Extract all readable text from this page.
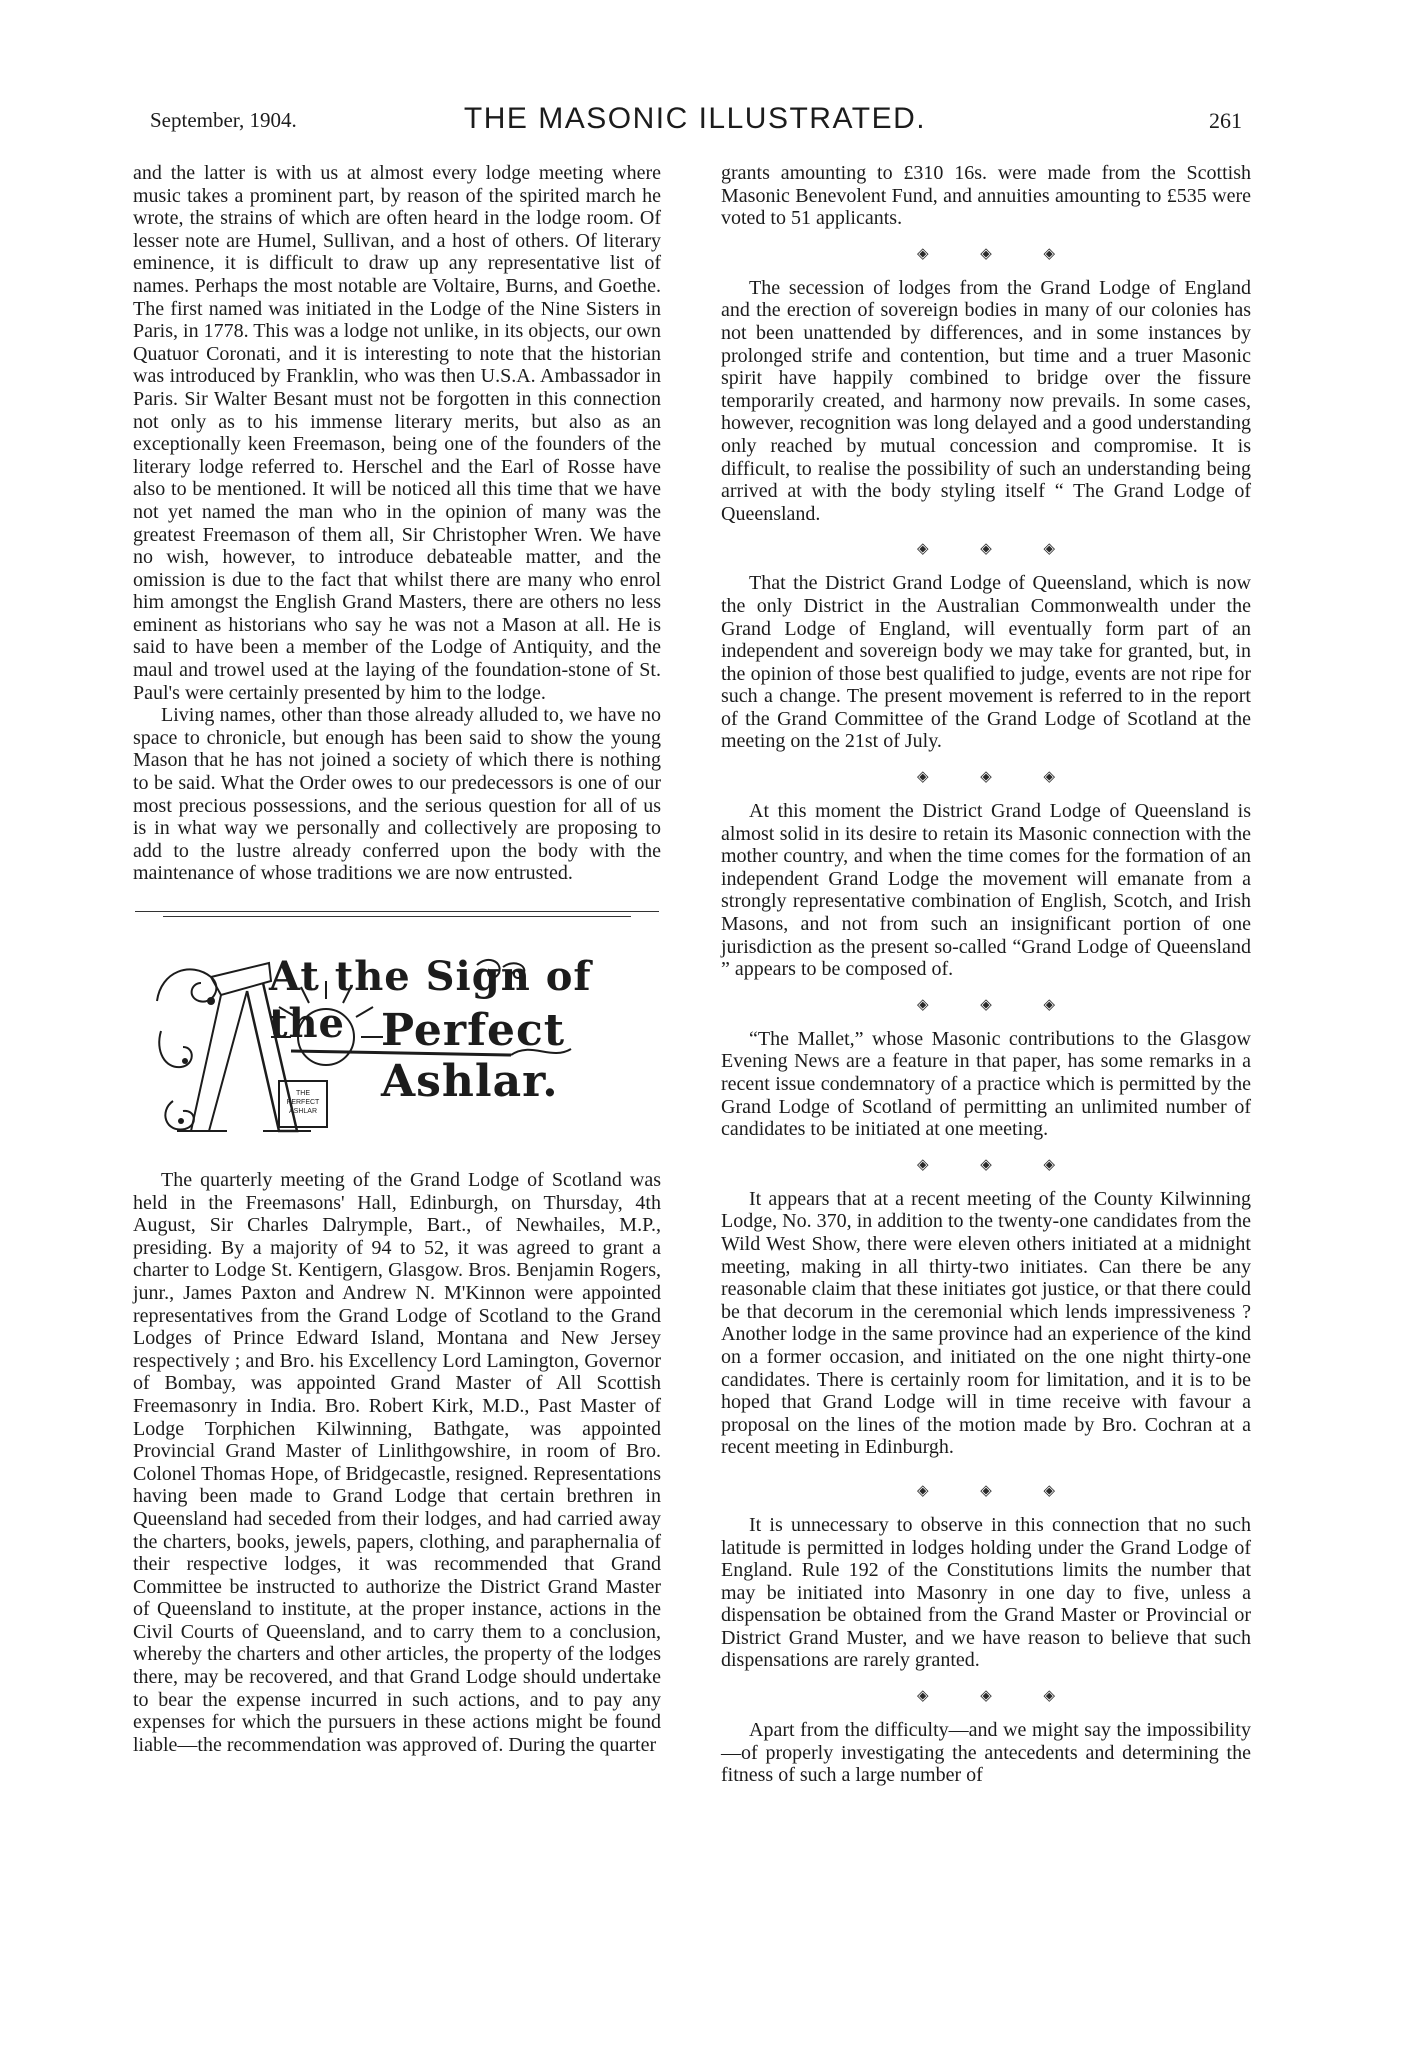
September, 1904.	THE MASONIC ILLUSTRATED.	261

and the latter is with us at almost every lodge meeting where music takes a prominent part, by reason of the spirited march he wrote, the strains of which are often heard in the lodge room. Of lesser note are Humel, Sullivan, and a host of others. Of literary eminence, it is difficult to draw up any representative list of names. Perhaps the most notable are Voltaire, Burns, and Goethe. The first named was initiated in the Lodge of the Nine Sisters in Paris, in 1778. This was a lodge not unlike, in its objects, our own Quatuor Coronati, and it is interesting to note that the historian was introduced by Franklin, who was then U.S.A. Ambassador in Paris. Sir Walter Besant must not be forgotten in this connection not only as to his immense literary merits, but also as an exceptionally keen Freemason, being one of the founders of the literary lodge referred to. Herschel and the Earl of Rosse have also to be mentioned. It will be noticed all this time that we have not yet named the man who in the opinion of many was the greatest Freemason of them all, Sir Christopher Wren. We have no wish, however, to introduce debateable matter, and the omission is due to the fact that whilst there are many who enrol him amongst the English Grand Masters, there are others no less eminent as historians who say he was not a Mason at all. He is said to have been a member of the Lodge of Antiquity, and the maul and trowel used at the laying of the foundation-stone of St. Paul's were certainly presented by him to the lodge.

Living names, other than those already alluded to, we have no space to chronicle, but enough has been said to show the young Mason that he has not joined a society of which there is nothing to be said. What the Order owes to our predecessors is one of our most precious possessions, and the serious question for all of us is in what way we personally and collectively are proposing to add to the lustre already conferred upon the body with the maintenance of whose traditions we are now entrusted.

At the Sign of the Perfect Ashlar.
THE PERFECT ASHLAR

The quarterly meeting of the Grand Lodge of Scotland was held in the Freemasons' Hall, Edinburgh, on Thursday, 4th August, Sir Charles Dalrymple, Bart., of Newhailes, M.P., presiding. By a majority of 94 to 52, it was agreed to grant a charter to Lodge St. Kentigern, Glasgow. Bros. Benjamin Rogers, junr., James Paxton and Andrew N. M'Kinnon were appointed representatives from the Grand Lodge of Scotland to the Grand Lodges of Prince Edward Island, Montana and New Jersey respectively ; and Bro. his Excellency Lord Lamington, Governor of Bombay, was appointed Grand Master of All Scottish Freemasonry in India. Bro. Robert Kirk, M.D., Past Master of Lodge Torphichen Kilwinning, Bathgate, was appointed Provincial Grand Master of Linlithgowshire, in room of Bro. Colonel Thomas Hope, of Bridgecastle, resigned. Representations having been made to Grand Lodge that certain brethren in Queensland had seceded from their lodges, and had carried away the charters, books, jewels, papers, clothing, and paraphernalia of their respective lodges, it was recommended that Grand Committee be instructed to authorize the District Grand Master of Queensland to institute, at the proper instance, actions in the Civil Courts of Queensland, and to carry them to a conclusion, whereby the charters and other articles, the property of the lodges there, may be recovered, and that Grand Lodge should undertake to bear the expense incurred in such actions, and to pay any expenses for which the pursuers in these actions might be found liable—the recommendation was approved of. During the quarter

grants amounting to £310 16s. were made from the Scottish Masonic Benevolent Fund, and annuities amounting to £535 were voted to 51 applicants.

◈ ◈ ◈

The secession of lodges from the Grand Lodge of England and the erection of sovereign bodies in many of our colonies has not been unattended by differences, and in some instances by prolonged strife and contention, but time and a truer Masonic spirit have happily combined to bridge over the fissure temporarily created, and harmony now prevails. In some cases, however, recognition was long delayed and a good understanding only reached by mutual concession and compromise. It is difficult, to realise the possibility of such an understanding being arrived at with the body styling itself “ The Grand Lodge of Queensland.

◈ ◈ ◈

That the District Grand Lodge of Queensland, which is now the only District in the Australian Commonwealth under the Grand Lodge of England, will eventually form part of an independent and sovereign body we may take for granted, but, in the opinion of those best qualified to judge, events are not ripe for such a change. The present movement is referred to in the report of the Grand Committee of the Grand Lodge of Scotland at the meeting on the 21st of July.

◈ ◈ ◈

At this moment the District Grand Lodge of Queensland is almost solid in its desire to retain its Masonic connection with the mother country, and when the time comes for the formation of an independent Grand Lodge the movement will emanate from a strongly representative combination of English, Scotch, and Irish Masons, and not from such an insignificant portion of one jurisdiction as the present so-called “Grand Lodge of Queensland ” appears to be composed of.

◈ ◈ ◈

“The Mallet,” whose Masonic contributions to the Glasgow Evening News are a feature in that paper, has some remarks in a recent issue condemnatory of a practice which is permitted by the Grand Lodge of Scotland of permitting an unlimited number of candidates to be initiated at one meeting.

◈ ◈ ◈

It appears that at a recent meeting of the County Kilwinning Lodge, No. 370, in addition to the twenty-one candidates from the Wild West Show, there were eleven others initiated at a midnight meeting, making in all thirty-two initiates. Can there be any reasonable claim that these initiates got justice, or that there could be that decorum in the ceremonial which lends impressiveness ? Another lodge in the same province had an experience of the kind on a former occasion, and initiated on the one night thirty-one candidates. There is certainly room for limitation, and it is to be hoped that Grand Lodge will in time receive with favour a proposal on the lines of the motion made by Bro. Cochran at a recent meeting in Edinburgh.

◈ ◈ ◈

It is unnecessary to observe in this connection that no such latitude is permitted in lodges holding under the Grand Lodge of England. Rule 192 of the Constitutions limits the number that may be initiated into Masonry in one day to five, unless a dispensation be obtained from the Grand Master or Provincial or District Grand Muster, and we have reason to believe that such dispensations are rarely granted.

◈ ◈ ◈

Apart from the difficulty—and we might say the impossibility—of properly investigating the antecedents and determining the fitness of such a large number of
